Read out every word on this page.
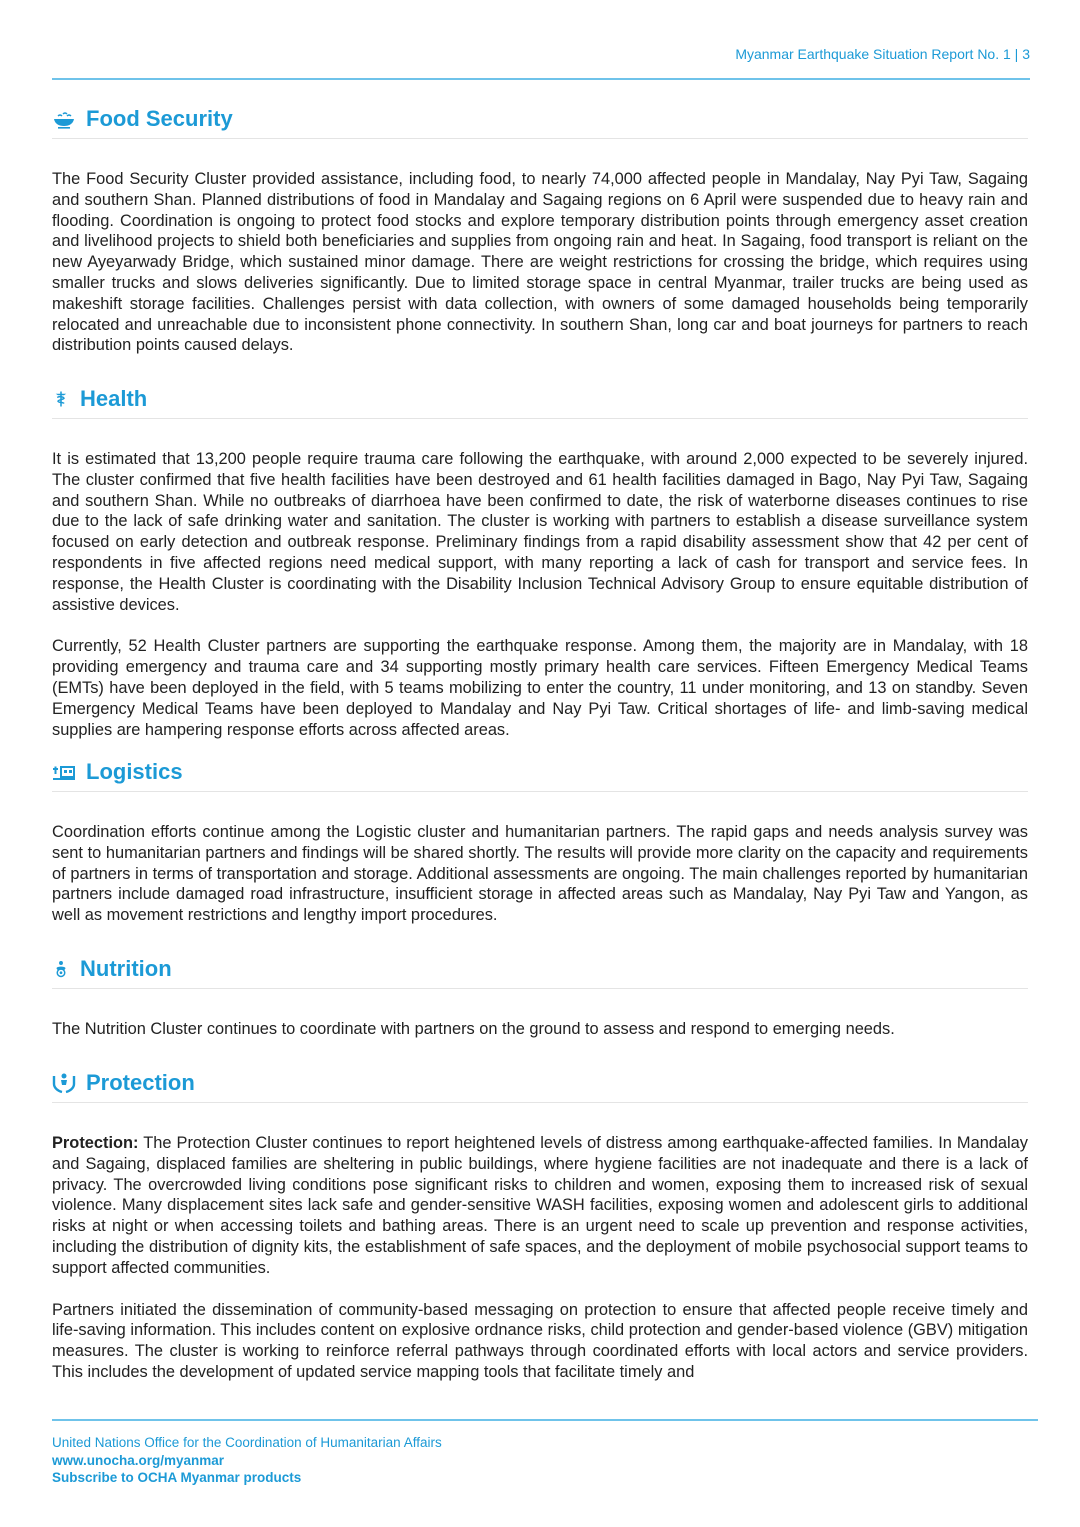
Myanmar Earthquake Situation Report No. 1 | 3
Food Security

The Food Security Cluster provided assistance, including food, to nearly 74,000 affected people in Mandalay, Nay Pyi Taw, Sagaing and southern Shan. Planned distributions of food in Mandalay and Sagaing regions on 6 April were suspended due to heavy rain and flooding. Coordination is ongoing to protect food stocks and explore temporary distribution points through emergency asset creation and livelihood projects to shield both beneficiaries and supplies from ongoing rain and heat. In Sagaing, food transport is reliant on the new Ayeyarwady Bridge, which sustained minor damage. There are weight restrictions for crossing the bridge, which requires using smaller trucks and slows deliveries significantly. Due to limited storage space in central Myanmar, trailer trucks are being used as makeshift storage facilities. Challenges persist with data collection, with owners of some damaged households being temporarily relocated and unreachable due to inconsistent phone connectivity. In southern Shan, long car and boat journeys for partners to reach distribution points caused delays.

Health

It is estimated that 13,200 people require trauma care following the earthquake, with around 2,000 expected to be severely injured. The cluster confirmed that five health facilities have been destroyed and 61 health facilities damaged in Bago, Nay Pyi Taw, Sagaing and southern Shan. While no outbreaks of diarrhoea have been confirmed to date, the risk of waterborne diseases continues to rise due to the lack of safe drinking water and sanitation. The cluster is working with partners to establish a disease surveillance system focused on early detection and outbreak response. Preliminary findings from a rapid disability assessment show that 42 per cent of respondents in five affected regions need medical support, with many reporting a lack of cash for transport and service fees. In response, the Health Cluster is coordinating with the Disability Inclusion Technical Advisory Group to ensure equitable distribution of assistive devices.

Currently, 52 Health Cluster partners are supporting the earthquake response. Among them, the majority are in Mandalay, with 18 providing emergency and trauma care and 34 supporting mostly primary health care services. Fifteen Emergency Medical Teams (EMTs) have been deployed in the field, with 5 teams mobilizing to enter the country, 11 under monitoring, and 13 on standby. Seven Emergency Medical Teams have been deployed to Mandalay and Nay Pyi Taw. Critical shortages of life- and limb-saving medical supplies are hampering response efforts across affected areas.

Logistics

Coordination efforts continue among the Logistic cluster and humanitarian partners. The rapid gaps and needs analysis survey was sent to humanitarian partners and findings will be shared shortly. The results will provide more clarity on the capacity and requirements of partners in terms of transportation and storage. Additional assessments are ongoing. The main challenges reported by humanitarian partners include damaged road infrastructure, insufficient storage in affected areas such as Mandalay, Nay Pyi Taw and Yangon, as well as movement restrictions and lengthy import procedures.

Nutrition

The Nutrition Cluster continues to coordinate with partners on the ground to assess and respond to emerging needs.

Protection

Protection: The Protection Cluster continues to report heightened levels of distress among earthquake-affected families. In Mandalay and Sagaing, displaced families are sheltering in public buildings, where hygiene facilities are not inadequate and there is a lack of privacy. The overcrowded living conditions pose significant risks to children and women, exposing them to increased risk of sexual violence. Many displacement sites lack safe and gender-sensitive WASH facilities, exposing women and adolescent girls to additional risks at night or when accessing toilets and bathing areas. There is an urgent need to scale up prevention and response activities, including the distribution of dignity kits, the establishment of safe spaces, and the deployment of mobile psychosocial support teams to support affected communities.

Partners initiated the dissemination of community-based messaging on protection to ensure that affected people receive timely and life-saving information. This includes content on explosive ordnance risks, child protection and gender-based violence (GBV) mitigation measures. The cluster is working to reinforce referral pathways through coordinated efforts with local actors and service providers. This includes the development of updated service mapping tools that facilitate timely and

United Nations Office for the Coordination of Humanitarian Affairs
www.unocha.org/myanmar
Subscribe to OCHA Myanmar products
